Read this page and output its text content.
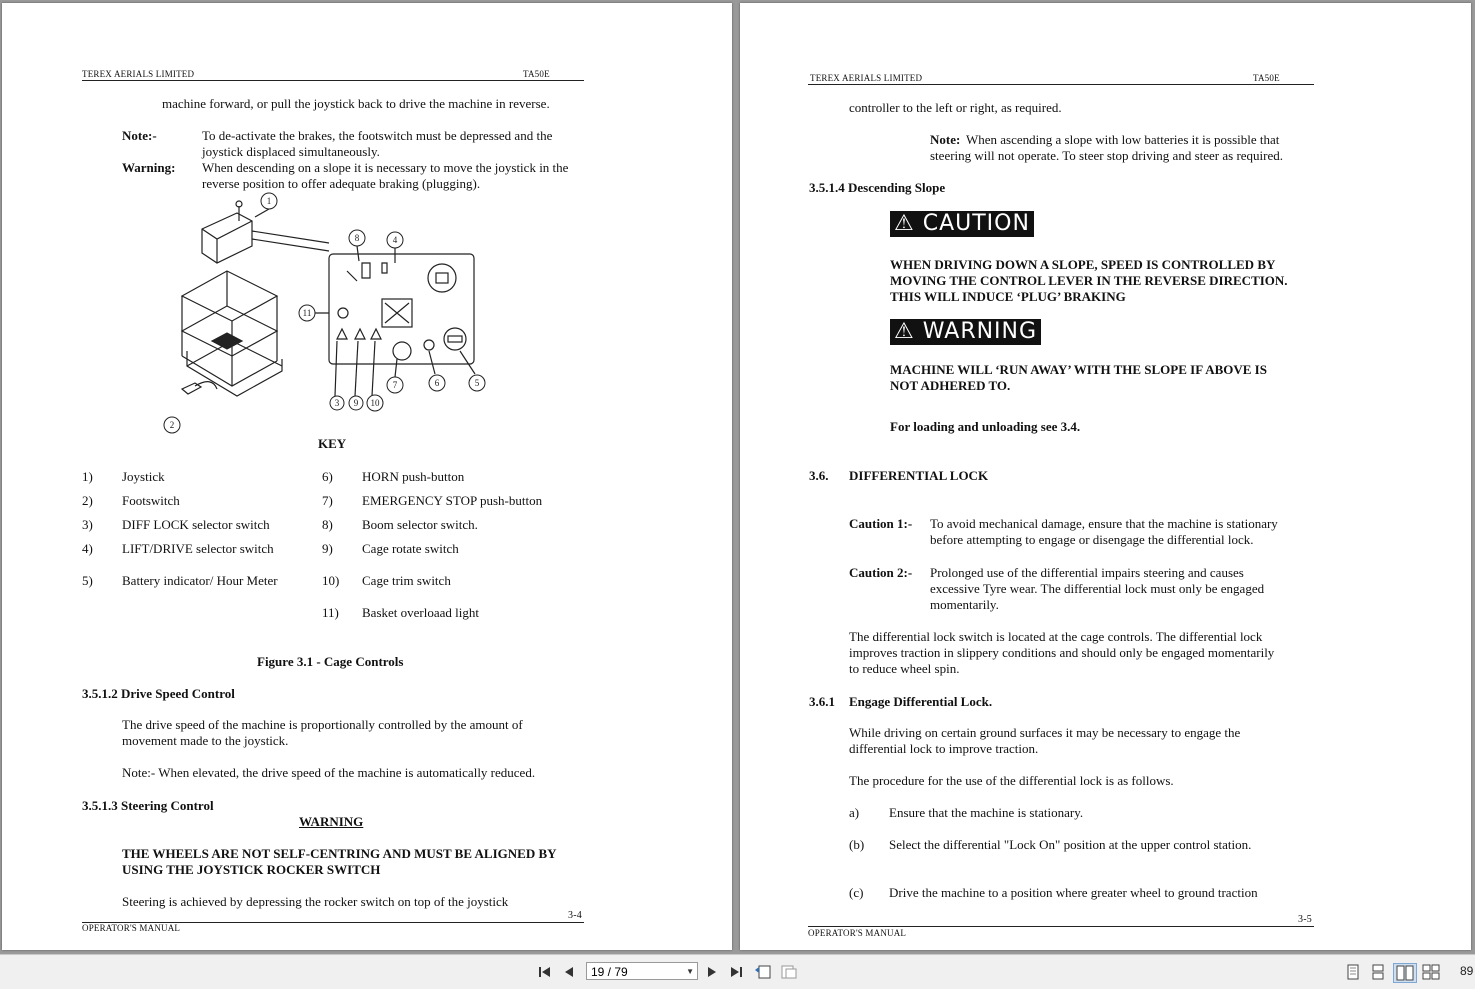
TEREX AERIALS LIMITED	TA50E
machine forward, or pull the joystick back to drive the machine in reverse.
Note:-	To de-activate the brakes, the footswitch must be depressed and the
joystick displaced simultaneously.
Warning: When descending on a slope it is necessary to move the joystick in the
reverse position to offer adequate braking (plugging).
1
8	4
11
3 9 10
7	6	5
2
KEY
1) Joystick
2) Footswitch
3) DIFF LOCK selector switch
4) LIFT/DRIVE selector switch
5) Battery indicator/ Hour Meter
6) HORN push-button
7) EMERGENCY STOP push-button
8) Boom selector switch.
9) Cage rotate switch
10) Cage trim switch
11) Basket overloaad light
Figure 3.1 - Cage Controls
3.5.1.2 Drive Speed Control
The drive speed of the machine is proportionally controlled by the amount of
movement made to the joystick.
Note:- When elevated, the drive speed of the machine is automatically reduced.
3.5.1.3 Steering Control
WARNING
THE WHEELS ARE NOT SELF-CENTRING AND MUST BE ALIGNED BY
USING THE JOYSTICK ROCKER SWITCH
Steering is achieved by depressing the rocker switch on top of the joystick
3-4
OPERATOR'S MANUAL
TEREX AERIALS LIMITED	TA50E
controller to the left or right, as required.
Note: When ascending a slope with low batteries it is possible that
steering will not operate. To steer stop driving and steer as required.
3.5.1.4 Descending Slope
⚠ CAUTION
WHEN DRIVING DOWN A SLOPE, SPEED IS CONTROLLED BY
MOVING THE CONTROL LEVER IN THE REVERSE DIRECTION.
THIS WILL INDUCE ‘PLUG’ BRAKING
⚠ WARNING
MACHINE WILL ‘RUN AWAY’ WITH THE SLOPE IF ABOVE IS
NOT ADHERED TO.
For loading and unloading see 3.4.
3.6. DIFFERENTIAL LOCK
Caution 1:- To avoid mechanical damage, ensure that the machine is stationary
before attempting to engage or disengage the differential lock.
Caution 2:- Prolonged use of the differential impairs steering and causes
excessive Tyre wear. The differential lock must only be engaged
momentarily.
The differential lock switch is located at the cage controls. The differential lock
improves traction in slippery conditions and should only be engaged momentarily
to reduce wheel spin.
3.6.1 Engage Differential Lock.
While driving on certain ground surfaces it may be necessary to engage the
differential lock to improve traction.
The procedure for the use of the differential lock is as follows.
a) Ensure that the machine is stationary.
(b) Select the differential "Lock On" position at the upper control station.
(c) Drive the machine to a position where greater wheel to ground traction
3-5
OPERATOR'S MANUAL
19 / 79
▼	89
